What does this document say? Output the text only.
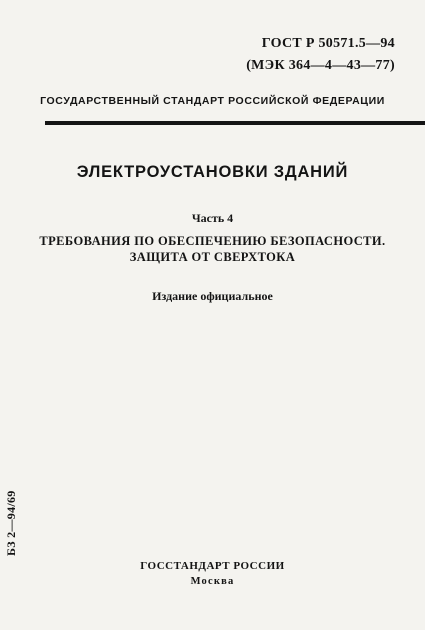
ГОСТ Р 50571.5—94
(МЭК 364—4—43—77)
ГОСУДАРСТВЕННЫЙ СТАНДАРТ РОССИЙСКОЙ ФЕДЕРАЦИИ
ЭЛЕКТРОУСТАНОВКИ ЗДАНИЙ
Часть 4
ТРЕБОВАНИЯ ПО ОБЕСПЕЧЕНИЮ БЕЗОПАСНОСТИ.
ЗАЩИТА ОТ СВЕРХТОКА
Издание официальное
БЗ 2—94/69
ГОССТАНДАРТ РОССИИ
Москва
